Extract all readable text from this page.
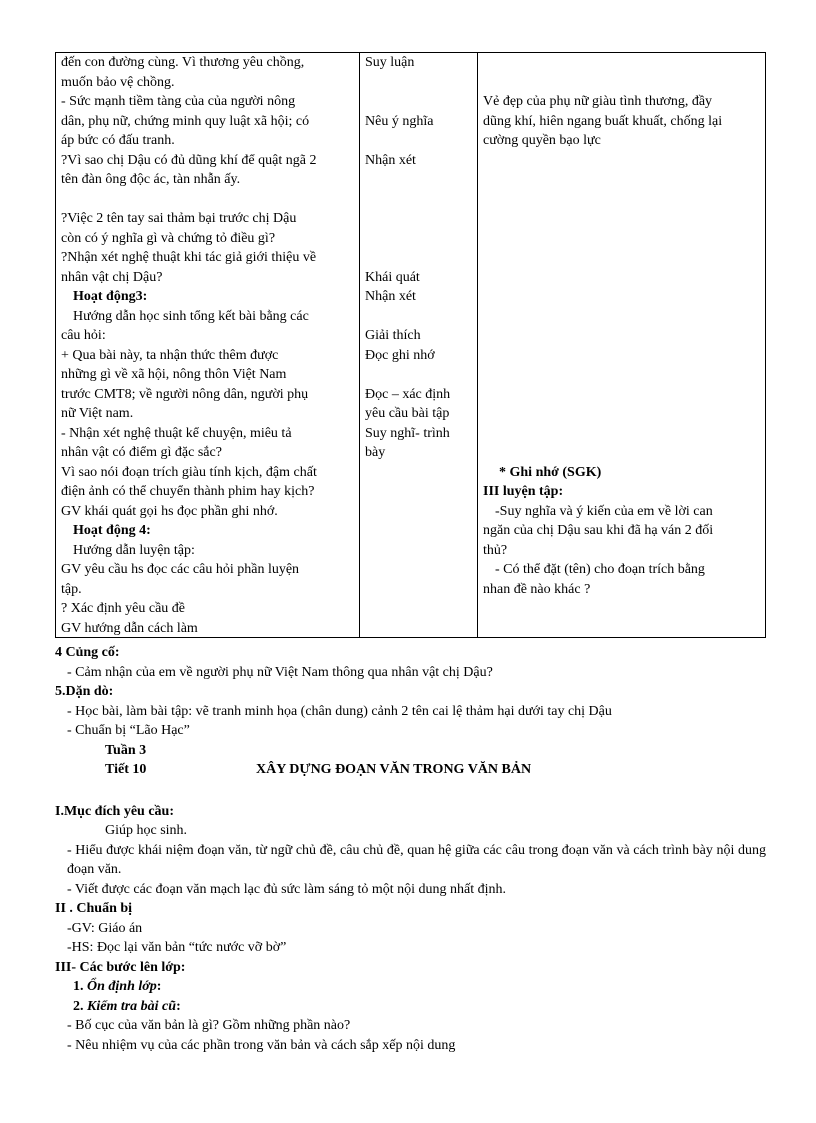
đến con đường cùng. Vì thương yêu chồng,
muốn bảo vệ chồng.
- Sức mạnh tiềm tàng của của người nông
dân, phụ nữ, chứng minh quy luật xã hội; có
áp bức có đấu tranh.
?Vì sao chị Dậu có đủ dũng khí để quật ngã 2
tên đàn ông độc ác, tàn nhẫn ấy.
?Việc 2 tên tay sai thảm bại trước chị Dậu
còn có ý nghĩa gì và chứng tỏ điều gì?
?Nhận xét nghệ thuật khi tác giả giới thiệu về
nhân vật chị Dậu?
Hoạt động3:
Hướng dẫn học sinh tổng kết bài bằng các
câu hỏi:
+ Qua bài này, ta nhận thức thêm được
những gì về xã hội, nông thôn Việt Nam
trước CMT8; về người nông dân, người phụ
nữ Việt nam.
- Nhận xét nghệ thuật kể chuyện, miêu tả
nhân vật có điểm gì đặc sắc?
Vì sao nói đoạn trích giàu tính kịch, đậm chất
điện ảnh có thể chuyển thành phim hay kịch?
GV khái quát gọi hs đọc phần ghi nhớ.
Hoạt động 4:
Hướng dẫn luyện tập:
GV yêu cầu hs đọc các câu hỏi phần luyện
tập.
? Xác định yêu cầu đề
GV hướng dẫn cách làm
Suy luận
Nêu ý nghĩa
Nhận xét
Khái quát
Nhận xét
Giải thích
Đọc ghi nhớ
Đọc – xác định
yêu cầu bài tập
Suy nghĩ- trình
bày
Vẻ đẹp của phụ nữ giàu tình thương, đầy
dũng khí, hiên ngang buất khuất, chống lại
cường quyền bạo lực
* Ghi nhớ (SGK)
III luyện tập:
-Suy nghĩa và ý kiến của em về lời can
ngăn của chị Dậu sau khi đã hạ ván 2 đối
thủ?
- Có thể đặt (tên) cho đoạn trích bằng
nhan đề nào khác ?
4 Củng cố:
- Cảm nhận của em về người phụ nữ Việt Nam thông qua nhân vật chị Dậu?
5.Dặn dò:
- Học bài, làm bài tập: vẽ tranh minh họa (chân dung) cảnh 2 tên cai lệ thảm hại dưới tay chị Dậu
- Chuẩn bị “Lão Hạc”
Tuần 3
Tiết 10	XÂY DỰNG ĐOẠN VĂN TRONG VĂN BẢN
I.Mục đích yêu cầu:
Giúp học sinh.
- Hiểu được khái niệm đoạn văn, từ ngữ chủ đề, câu chủ đề, quan hệ giữa các câu trong đoạn văn và cách trình bày nội dung đoạn văn.
- Viết được các đoạn văn mạch lạc đủ sức làm sáng tỏ một nội dung nhất định.
II . Chuẩn bị
-GV: Giáo án
-HS: Đọc lại văn bản “tức nước vỡ bờ”
III- Các bước lên lớp:
1. Ổn định lớp:
2. Kiểm tra bài cũ:
- Bố cục của văn bản là gì? Gồm những phần nào?
- Nêu nhiệm vụ của các phần trong văn bản và cách sắp xếp nội dung
